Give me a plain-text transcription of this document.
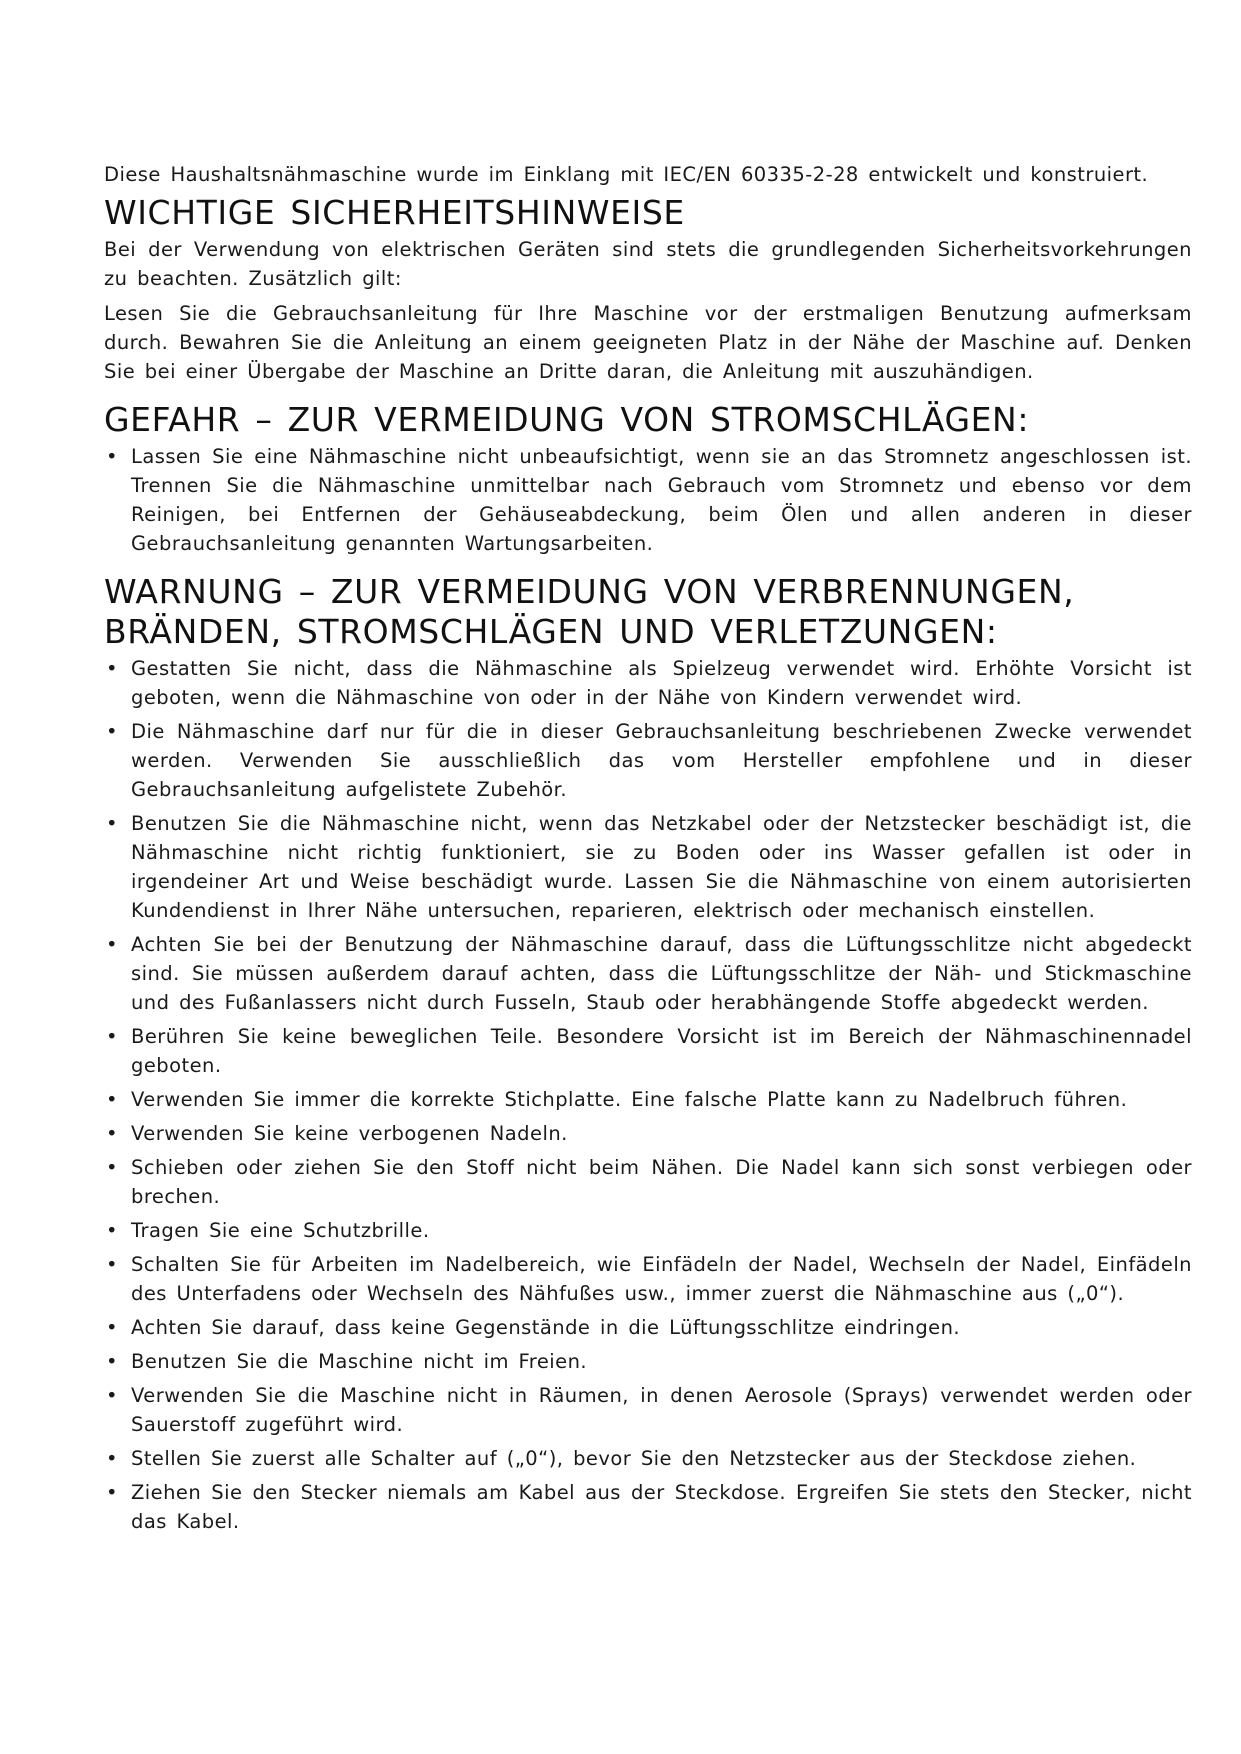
Diese Haushaltsnähmaschine wurde im Einklang mit IEC/EN 60335-2-28 entwickelt und konstruiert.
WICHTIGE SICHERHEITSHINWEISE

Bei der Verwendung von elektrischen Geräten sind stets die grundlegenden Sicherheitsvorkehrungen zu beachten. Zusätzlich gilt:

Lesen Sie die Gebrauchsanleitung für Ihre Maschine vor der erstmaligen Benutzung aufmerksam durch. Bewahren Sie die Anleitung an einem geeigneten Platz in der Nähe der Maschine auf. Denken Sie bei einer Übergabe der Maschine an Dritte daran, die Anleitung mit auszuhändigen.

GEFAHR – ZUR VERMEIDUNG VON STROMSCHLÄGEN:
• Lassen Sie eine Nähmaschine nicht unbeaufsichtigt, wenn sie an das Stromnetz angeschlossen ist. Trennen Sie die Nähmaschine unmittelbar nach Gebrauch vom Stromnetz und ebenso vor dem Reinigen, bei Entfernen der Gehäuseabdeckung, beim Ölen und allen anderen in dieser Gebrauchsanleitung genannten Wartungsarbeiten.
WARNUNG – ZUR VERMEIDUNG VON VERBRENNUNGEN, BRÄNDEN, STROMSCHLÄGEN UND VERLETZUNGEN:
• Gestatten Sie nicht, dass die Nähmaschine als Spielzeug verwendet wird. Erhöhte Vorsicht ist geboten, wenn die Nähmaschine von oder in der Nähe von Kindern verwendet wird.
• Die Nähmaschine darf nur für die in dieser Gebrauchsanleitung beschriebenen Zwecke verwendet werden. Verwenden Sie ausschließlich das vom Hersteller empfohlene und in dieser Gebrauchsanleitung aufgelistete Zubehör.
• Benutzen Sie die Nähmaschine nicht, wenn das Netzkabel oder der Netzstecker beschädigt ist, die Nähmaschine nicht richtig funktioniert, sie zu Boden oder ins Wasser gefallen ist oder in irgendeiner Art und Weise beschädigt wurde. Lassen Sie die Nähmaschine von einem autorisierten Kundendienst in Ihrer Nähe untersuchen, reparieren, elektrisch oder mechanisch einstellen.
• Achten Sie bei der Benutzung der Nähmaschine darauf, dass die Lüftungsschlitze nicht abgedeckt sind. Sie müssen außerdem darauf achten, dass die Lüftungsschlitze der Näh- und Stickmaschine und des Fußanlassers nicht durch Fusseln, Staub oder herabhängende Stoffe abgedeckt werden.
• Berühren Sie keine beweglichen Teile. Besondere Vorsicht ist im Bereich der Nähmaschinennadel geboten.
• Verwenden Sie immer die korrekte Stichplatte. Eine falsche Platte kann zu Nadelbruch führen.
• Verwenden Sie keine verbogenen Nadeln.
• Schieben oder ziehen Sie den Stoff nicht beim Nähen. Die Nadel kann sich sonst verbiegen oder brechen.
• Tragen Sie eine Schutzbrille.
• Schalten Sie für Arbeiten im Nadelbereich, wie Einfädeln der Nadel, Wechseln der Nadel, Einfädeln des Unterfadens oder Wechseln des Nähfußes usw., immer zuerst die Nähmaschine aus („0“).
• Achten Sie darauf, dass keine Gegenstände in die Lüftungsschlitze eindringen.
• Benutzen Sie die Maschine nicht im Freien.
• Verwenden Sie die Maschine nicht in Räumen, in denen Aerosole (Sprays) verwendet werden oder Sauerstoff zugeführt wird.
• Stellen Sie zuerst alle Schalter auf („0“), bevor Sie den Netzstecker aus der Steckdose ziehen.
• Ziehen Sie den Stecker niemals am Kabel aus der Steckdose. Ergreifen Sie stets den Stecker, nicht das Kabel.
